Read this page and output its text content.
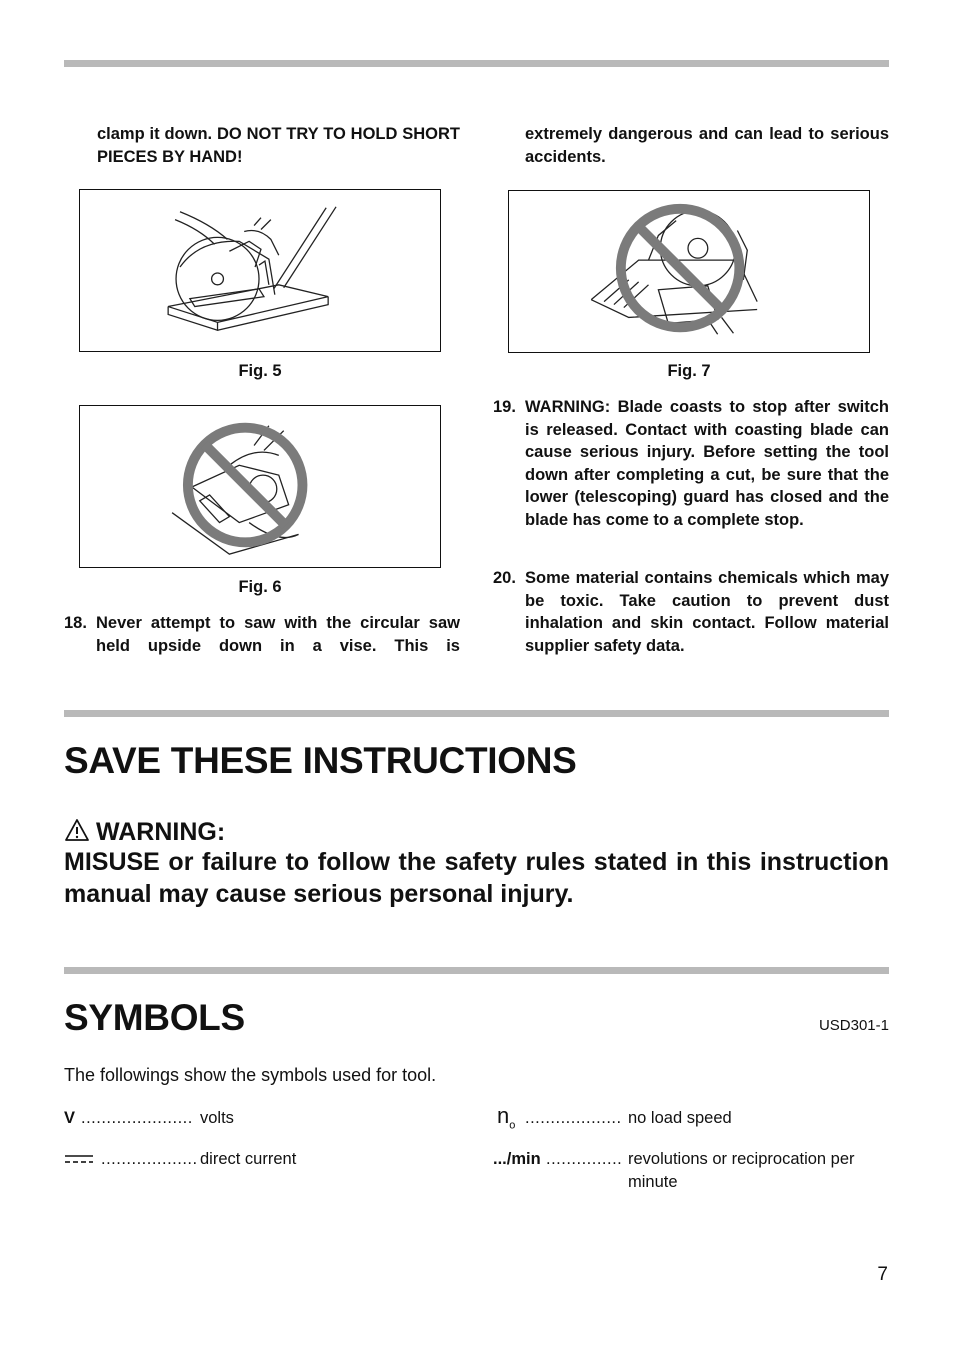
clamp it down. DO NOT TRY TO HOLD SHORT PIECES BY HAND!
extremely dangerous and can lead to serious accidents.
Fig. 5
Fig. 6
Fig. 7
18. Never attempt to saw with the circular saw held upside down in a vise. This is
19. WARNING: Blade coasts to stop after switch is released. Contact with coasting blade can cause serious injury. Before setting the tool down after completing a cut, be sure that the lower (telescoping) guard has closed and the blade has come to a complete stop.
20. Some material contains chemicals which may be toxic. Take caution to prevent dust inhalation and skin contact. Follow material supplier safety data.
SAVE THESE INSTRUCTIONS
WARNING:
MISUSE or failure to follow the safety rules stated in this instruction manual may cause serious personal injury.
SYMBOLS	USD301-1
The followings show the symbols used for tool.
V ...................... volts
................... direct current
$n_o$ ................... no load speed
.../min ............... revolutions or reciprocation per minute
7
